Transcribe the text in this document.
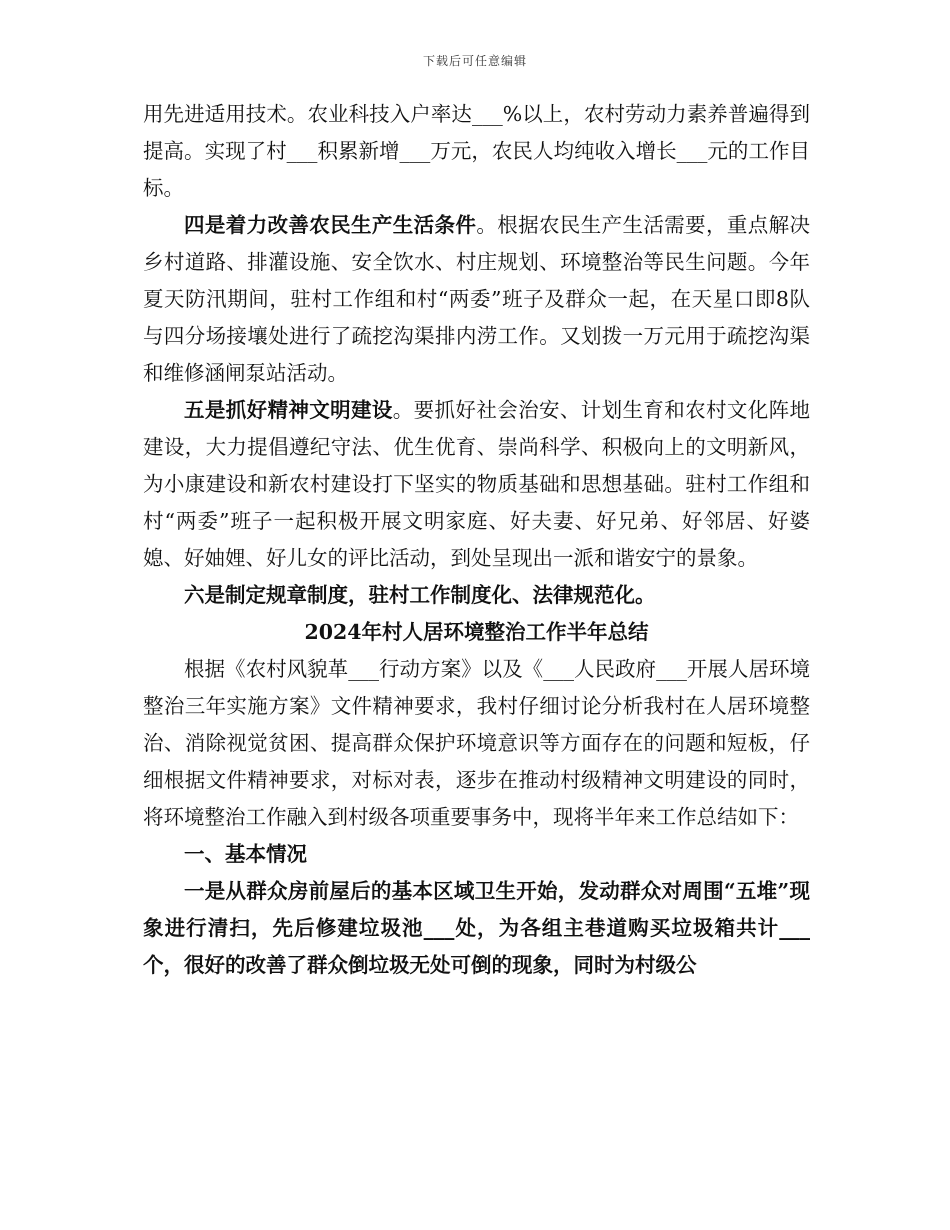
下载后可任意编辑

用先进适用技术。农业科技入户率达___%以上，农村劳动力素养普遍得到提高。实现了村___积累新增___万元，农民人均纯收入增长___元的工作目标。

四是着力改善农民生产生活条件。根据农民生产生活需要，重点解决乡村道路、排灌设施、安全饮水、村庄规划、环境整治等民生问题。今年夏天防汛期间，驻村工作组和村“两委”班子及群众一起，在天星口即8队与四分场接壤处进行了疏挖沟渠排内涝工作。又划拨一万元用于疏挖沟渠和维修涵闸泵站活动。

五是抓好精神文明建设。要抓好社会治安、计划生育和农村文化阵地建设，大力提倡遵纪守法、优生优育、崇尚科学、积极向上的文明新风，为小康建设和新农村建设打下坚实的物质基础和思想基础。驻村工作组和村“两委”班子一起积极开展文明家庭、好夫妻、好兄弟、好邻居、好婆媳、好妯娌、好儿女的评比活动，到处呈现出一派和谐安宁的景象。

六是制定规章制度，驻村工作制度化、法律规范化。

2024年村人居环境整治工作半年总结

根据《农村风貌革___行动方案》以及《___人民政府___开展人居环境整治三年实施方案》文件精神要求，我村仔细讨论分析我村在人居环境整治、消除视觉贫困、提高群众保护环境意识等方面存在的问题和短板，仔细根据文件精神要求，对标对表，逐步在推动村级精神文明建设的同时，将环境整治工作融入到村级各项重要事务中，现将半年来工作总结如下：

一、基本情况

一是从群众房前屋后的基本区域卫生开始，发动群众对周围“五堆”现象进行清扫，先后修建垃圾池___处，为各组主巷道购买垃圾箱共计___个，很好的改善了群众倒垃圾无处可倒的现象，同时为村级公
